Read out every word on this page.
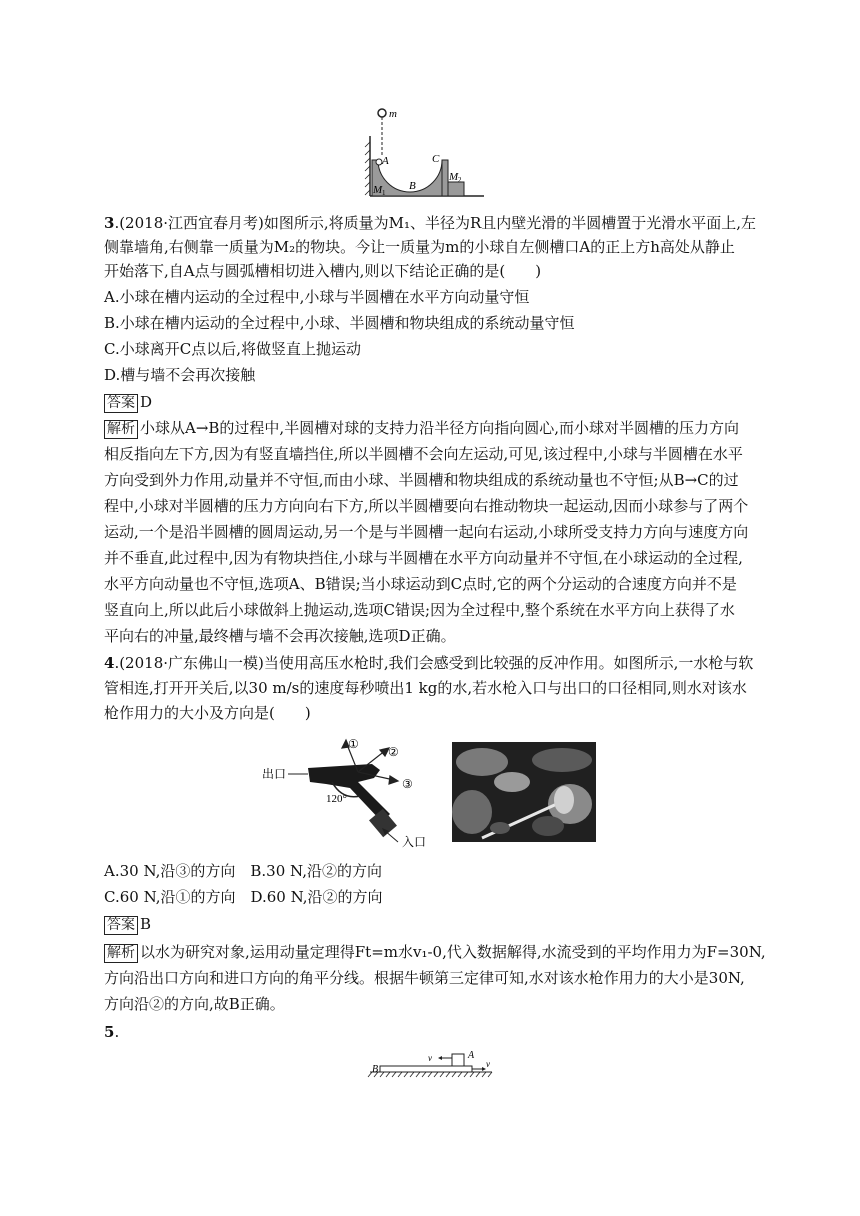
m
A	C
B
M 1
M 2
3.(2018·江西宜春月考)如图所示,将质量为M₁、半径为R且内壁光滑的半圆槽置于光滑水平面上,左
侧靠墙角,右侧靠一质量为M₂的物块。今让一质量为m的小球自左侧槽口A的正上方h高处从静止
开始落下,自A点与圆弧槽相切进入槽内,则以下结论正确的是(　　)
A.小球在槽内运动的全过程中,小球与半圆槽在水平方向动量守恒
B.小球在槽内运动的全过程中,小球、半圆槽和物块组成的系统动量守恒
C.小球离开C点以后,将做竖直上抛运动
D.槽与墙不会再次接触
答案 D
解析 小球从A→B的过程中,半圆槽对球的支持力沿半径方向指向圆心,而小球对半圆槽的压力方向
相反指向左下方,因为有竖直墙挡住,所以半圆槽不会向左运动,可见,该过程中,小球与半圆槽在水平
方向受到外力作用,动量并不守恒,而由小球、半圆槽和物块组成的系统动量也不守恒;从B→C的过
程中,小球对半圆槽的压力方向向右下方,所以半圆槽要向右推动物块一起运动,因而小球参与了两个
运动,一个是沿半圆槽的圆周运动,另一个是与半圆槽一起向右运动,小球所受支持力方向与速度方向
并不垂直,此过程中,因为有物块挡住,小球与半圆槽在水平方向动量并不守恒,在小球运动的全过程,
水平方向动量也不守恒,选项A、B错误;当小球运动到C点时,它的两个分运动的合速度方向并不是
竖直向上,所以此后小球做斜上抛运动,选项C错误;因为全过程中,整个系统在水平方向上获得了水
平向右的冲量,最终槽与墙不会再次接触,选项D正确。
4.(2018·广东佛山一模)当使用高压水枪时,我们会感受到比较强的反冲作用。如图所示,一水枪与软
管相连,打开开关后,以30 m/s的速度每秒喷出1 kg的水,若水枪入口与出口的口径相同,则水对该水
枪作用力的大小及方向是(　　)
出口
①
②
③
120°
入口
A.30 N,沿③的方向　B.30 N,沿②的方向
C.60 N,沿①的方向　D.60 N,沿②的方向
答案 B
解析 以水为研究对象,运用动量定理得Ft=m水v₁-0,代入数据解得,水流受到的平均作用力为F=30N,
方向沿出口方向和进口方向的角平分线。根据牛顿第三定律可知,水对该水枪作用力的大小是30N,
方向沿②的方向,故B正确。
5.
B
A
v
v
